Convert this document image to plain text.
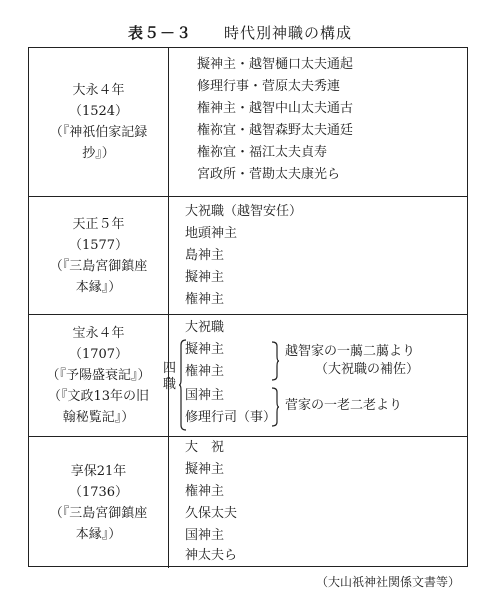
表５－３　　 時代別神職の構成
大永４年
（1524）
（『神祇伯家記録
抄』）
擬神主・越智樋口太夫通起
修理行事・菅原太夫秀連
権神主・越智中山太夫通古
権祢宜・越智森野太夫通廷
権祢宜・福江太夫貞寿
宮政所・菅勘太夫康光ら
天正５年
（1577）
（『三島宮御鎮座
本縁』）
大祝職（越智安任）
地頭神主
島神主
擬神主
権神主
宝永４年
（1707）
（『予陽盛衰記』）
（『文政13年の旧
翰秘覧記』）
大祝職
四
職
擬神主
権神主
国神主
修理行司（事）
越智家の一﨟二﨟より
（大祝職の補佐）
菅家の一老二老より
享保21年
（1736）
（『三島宮御鎮座
本縁』）
大　祝
擬神主
権神主
久保太夫
国神主
神太夫ら
（大山祇神社関係文書等）
